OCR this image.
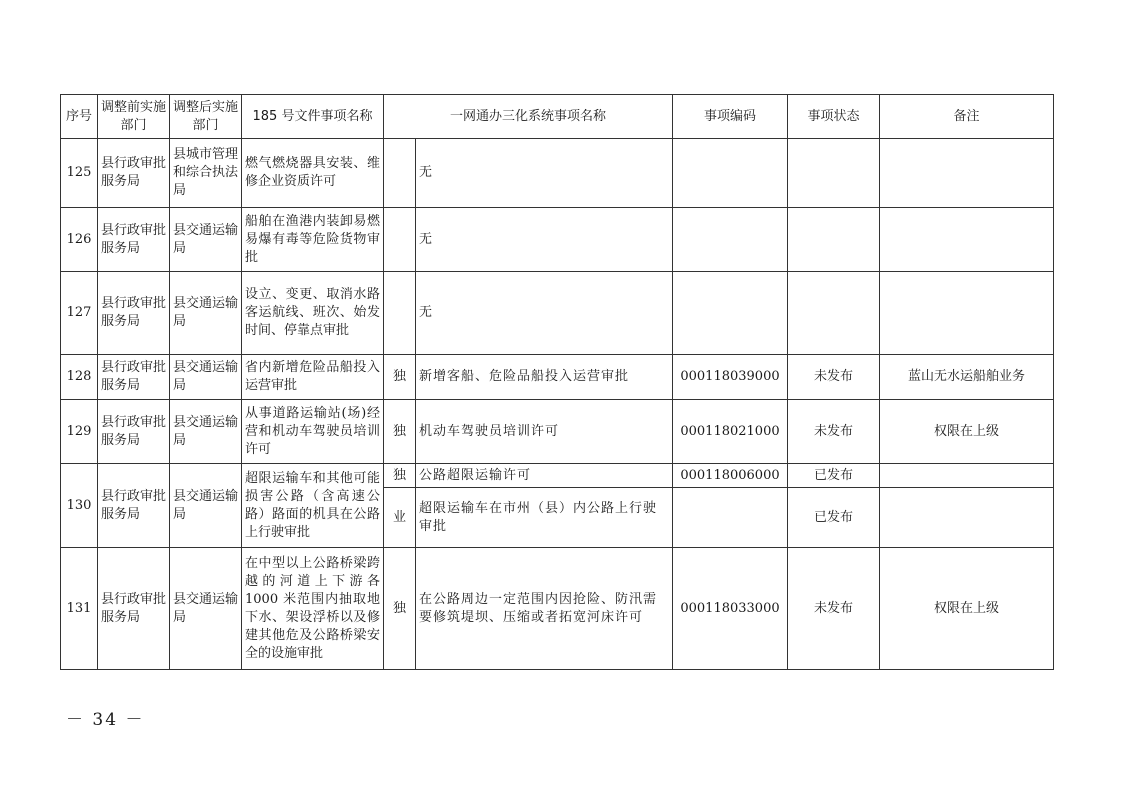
序号	调整前实施部门	调整后实施部门	185 号文件事项名称	一网通办三化系统事项名称		事项编码	事项状态	备注
125	县行政审批服务局	县城市管理和综合执法局	燃气燃烧器具安装、维修企业资质许可		无			
126	县行政审批服务局	县交通运输局	船舶在渔港内装卸易燃易爆有毒等危险货物审批		无			
127	县行政审批服务局	县交通运输局	设立、变更、取消水路客运航线、班次、始发时间、停靠点审批		无			
128	县行政审批服务局	县交通运输局	省内新增危险品船投入运营审批	独	新增客船、危险品船投入运营审批	000118039000	未发布	蓝山无水运船舶业务
129	县行政审批服务局	县交通运输局	从事道路运输站(场)经营和机动车驾驶员培训许可	独	机动车驾驶员培训许可	000118021000	未发布	权限在上级
130	县行政审批服务局	县交通运输局	超限运输车和其他可能损害公路（含高速公路）路面的机具在公路上行驶审批	独	公路超限运输许可	000118006000	已发布	
				业	超限运输车在市州（县）内公路上行驶审批		已发布	
131	县行政审批服务局	县交通运输局	在中型以上公路桥梁跨越的河道上下游各1000 米范围内抽取地下水、架设浮桥以及修建其他危及公路桥梁安全的设施审批	独	在公路周边一定范围内因抢险、防汛需要修筑堤坝、压缩或者拓宽河床许可	000118033000	未发布	权限在上级
－ 34 －
